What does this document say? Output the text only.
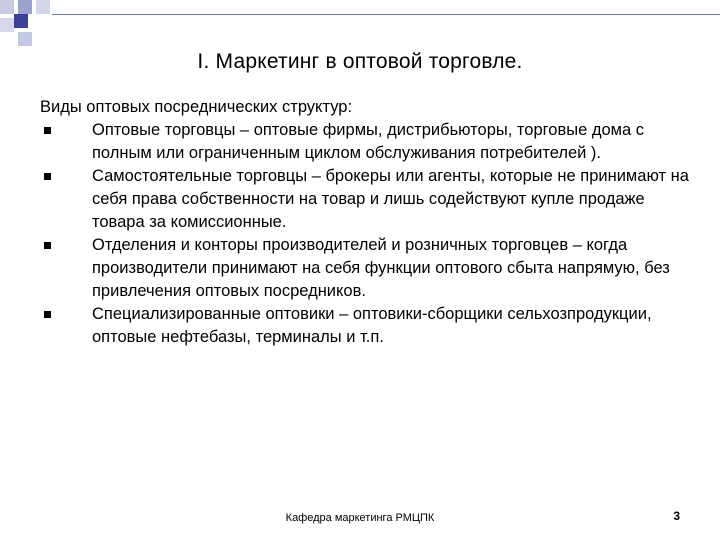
I. Маркетинг в оптовой торговле.

Виды оптовых посреднических структур:

Оптовые торговцы – оптовые фирмы, дистрибьюторы, торговые дома с полным или ограниченным циклом обслуживания потребителей ).

Самостоятельные торговцы – брокеры или агенты, которые не принимают на себя права собственности на товар и лишь содействуют купле продаже товара за комиссионные.

Отделения и конторы производителей и розничных торговцев – когда производители принимают на себя функции оптового сбыта напрямую, без привлечения оптовых посредников.

Специализированные оптовики – оптовики-сборщики сельхозпродукции, оптовые нефтебазы, терминалы и т.п.

Кафедра маркетинга РМЦПК	3
